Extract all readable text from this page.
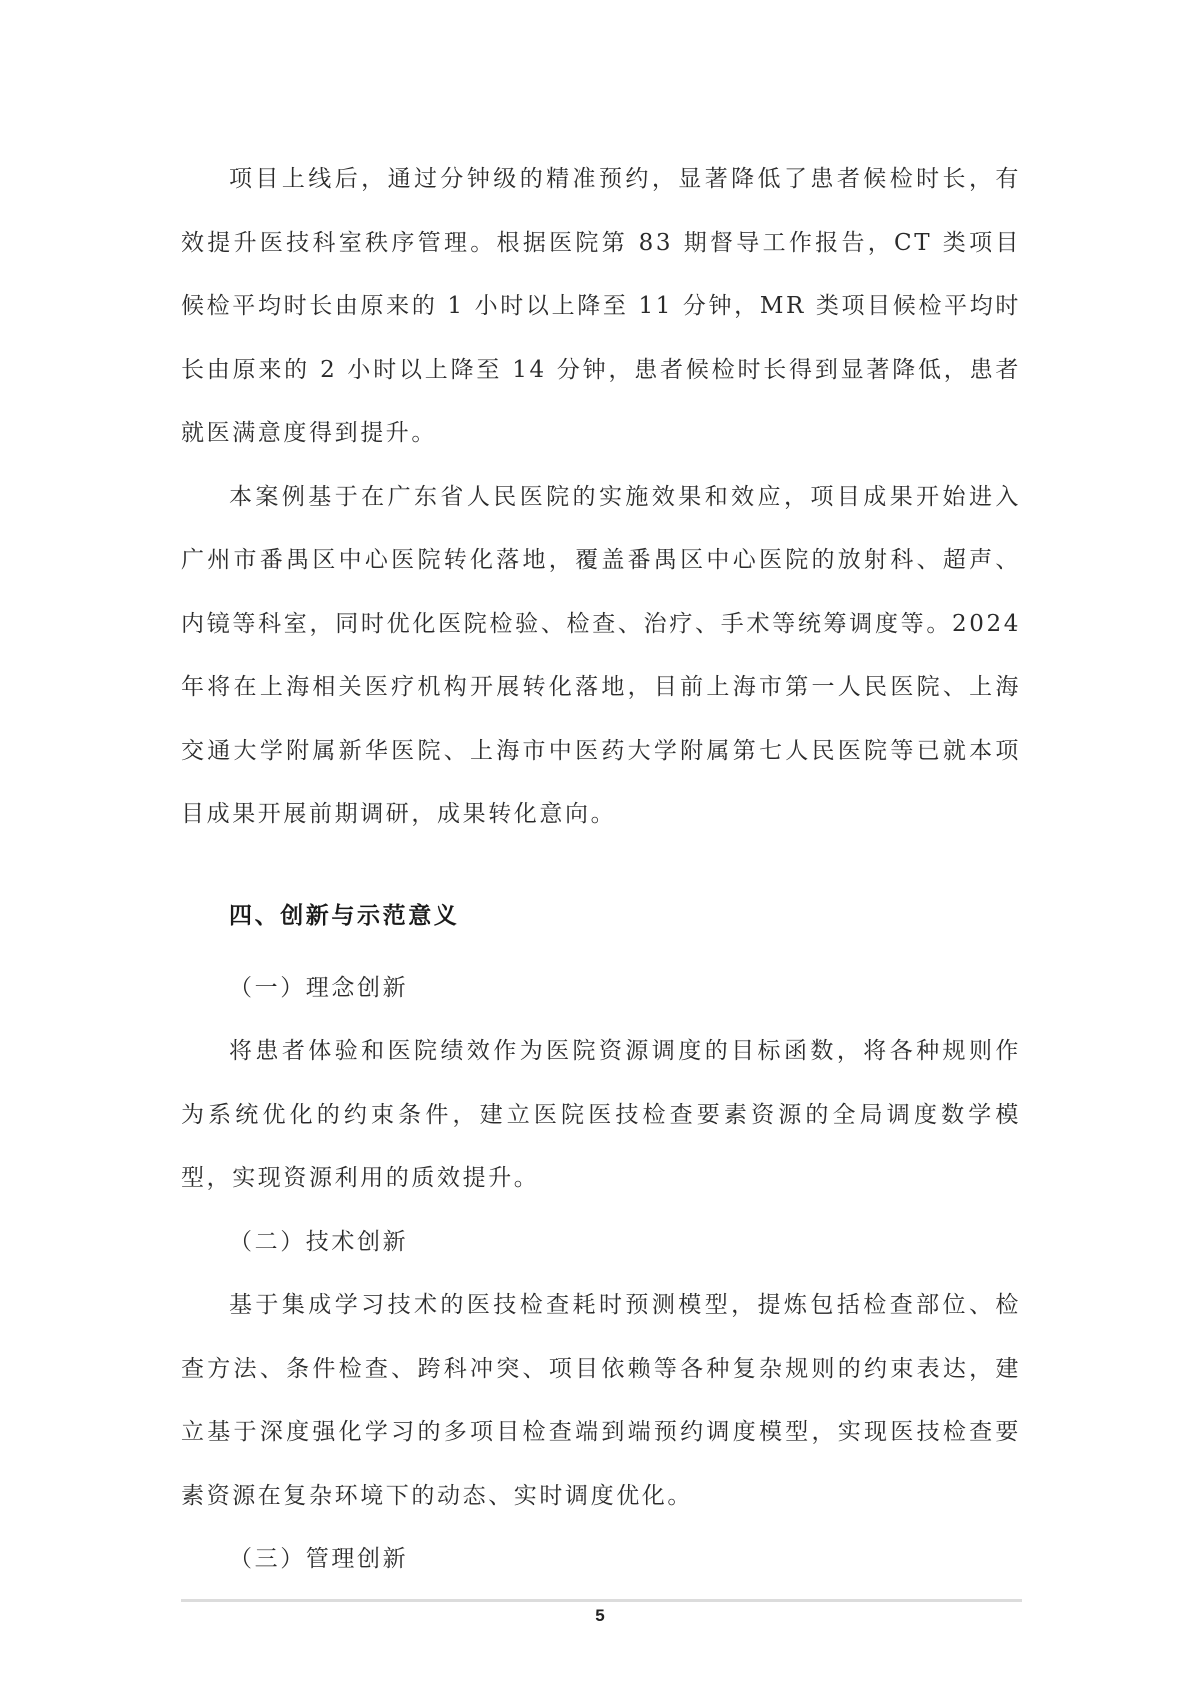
项目上线后，通过分钟级的精准预约，显著降低了患者候检时长，有效提升医技科室秩序管理。根据医院第 83 期督导工作报告，CT 类项目候检平均时长由原来的 1 小时以上降至 11 分钟，MR 类项目候检平均时长由原来的 2 小时以上降至 14 分钟，患者候检时长得到显著降低，患者就医满意度得到提升。

本案例基于在广东省人民医院的实施效果和效应，项目成果开始进入广州市番禺区中心医院转化落地，覆盖番禺区中心医院的放射科、超声、内镜等科室，同时优化医院检验、检查、治疗、手术等统筹调度等。2024 年将在上海相关医疗机构开展转化落地，目前上海市第一人民医院、上海交通大学附属新华医院、上海市中医药大学附属第七人民医院等已就本项目成果开展前期调研，成果转化意向。

四、创新与示范意义

（一）理念创新

将患者体验和医院绩效作为医院资源调度的目标函数，将各种规则作为系统优化的约束条件，建立医院医技检查要素资源的全局调度数学模型，实现资源利用的质效提升。

（二）技术创新

基于集成学习技术的医技检查耗时预测模型，提炼包括检查部位、检查方法、条件检查、跨科冲突、项目依赖等各种复杂规则的约束表达，建立基于深度强化学习的多项目检查端到端预约调度模型，实现医技检查要素资源在复杂环境下的动态、实时调度优化。

（三）管理创新

5
